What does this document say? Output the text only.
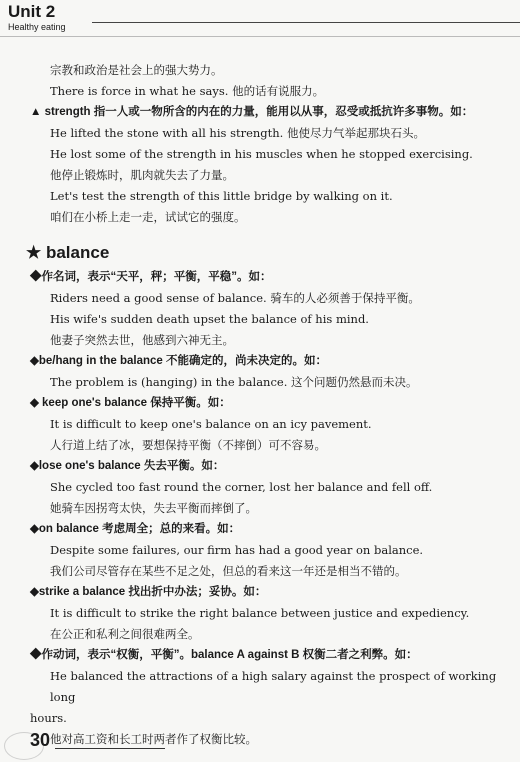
Unit 2
Healthy eating
宗教和政治是社会上的强大势力。
There is force in what he says. 他的话有说服力。
▲ strength 指一人或一物所含的内在的力量，能用以从事，忍受或抵抗许多事物。如：
He lifted the stone with all his strength. 他使尽力气举起那块石头。
He lost some of the strength in his muscles when he stopped exercising.
他停止锻炼时，肌肉就失去了力量。
Let's test the strength of this little bridge by walking on it.
咱们在小桥上走一走，试试它的强度。
★ balance
◆作名词，表示“天平，秤；平衡，平稳”。如：
Riders need a good sense of balance. 骑车的人必须善于保持平衡。
His wife's sudden death upset the balance of his mind.
他妻子突然去世，他感到六神无主。
◆be/hang in the balance 不能确定的，尚未决定的。如：
The problem is (hanging) in the balance. 这个问题仍然悬而未决。
◆ keep one's balance 保持平衡。如：
It is difficult to keep one's balance on an icy pavement.
人行道上结了冰，要想保持平衡（不摔倒）可不容易。
◆lose one's balance 失去平衡。如：
She cycled too fast round the corner, lost her balance and fell off.
她骑车因拐弯太快，失去平衡而摔倒了。
◆on balance 考虑周全；总的来看。如：
Despite some failures, our firm has had a good year on balance.
我们公司尽管存在某些不足之处，但总的看来这一年还是相当不错的。
◆strike a balance 找出折中办法；妥协。如：
It is difficult to strike the right balance between justice and expediency.
在公正和私利之间很难两全。
◆作动词，表示“权衡，平衡”。balance A against B 权衡二者之利弊。如：
He balanced the attractions of a high salary against the prospect of working long
hours.
他对高工资和长工时两者作了权衡比较。
30
